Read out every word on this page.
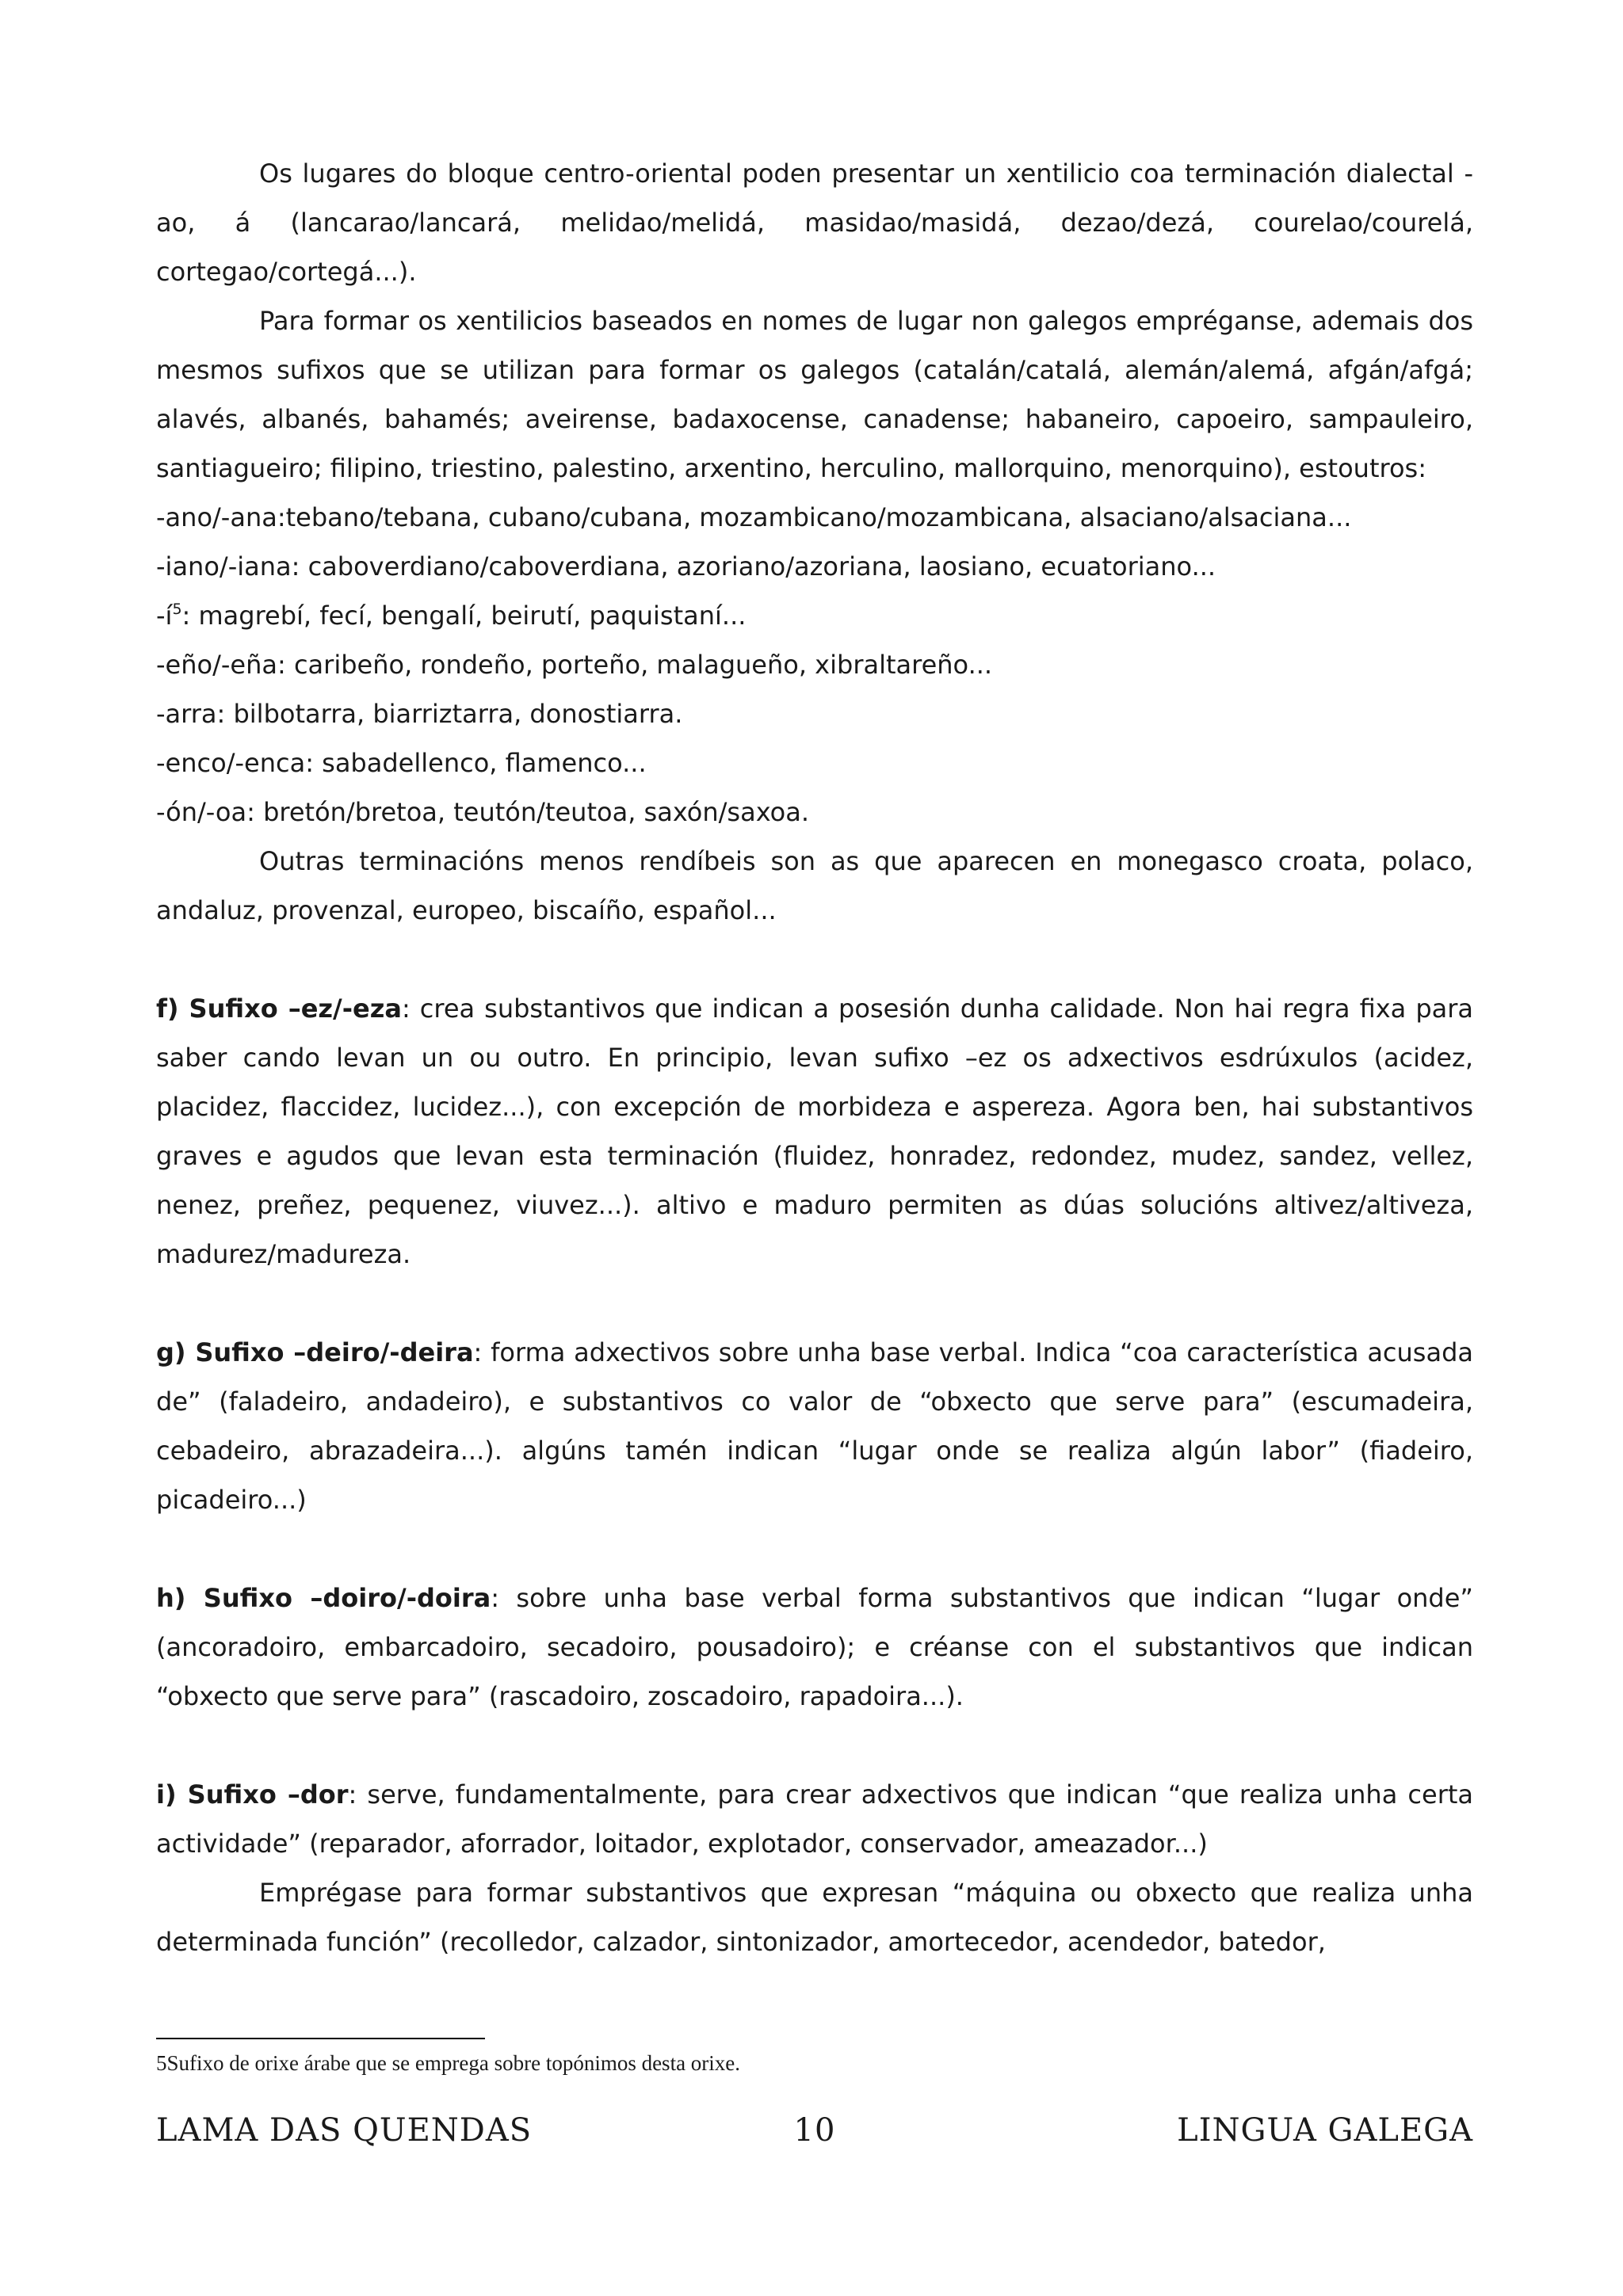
Os lugares do bloque centro-oriental poden presentar un xentilicio coa terminación dialectal -ao, á (lancarao/lancará, melidao/melidá, masidao/masidá, dezao/dezá, courelao/courelá, cortegao/cortegá...).

Para formar os xentilicios baseados en nomes de lugar non galegos empréganse, ademais dos mesmos sufixos que se utilizan para formar os galegos (catalán/catalá, alemán/alemá, afgán/afgá; alavés, albanés, bahamés; aveirense, badaxocense, canadense; habaneiro, capoeiro, sampauleiro, santiagueiro; filipino, triestino, palestino, arxentino, herculino, mallorquino, menorquino), estoutros:

-ano/-ana:tebano/tebana, cubano/cubana, mozambicano/mozambicana, alsaciano/alsaciana...

-iano/-iana: caboverdiano/caboverdiana, azoriano/azoriana, laosiano, ecuatoriano...

$-í^5$: magrebí, fecí, bengalí, beirutí, paquistaní...

-eño/-eña: caribeño, rondeño, porteño, malagueño, xibraltareño...

-arra: bilbotarra, biarriztarra, donostiarra.

-enco/-enca: sabadellenco, flamenco...

-ón/-oa: bretón/bretoa, teutón/teutoa, saxón/saxoa.

Outras terminacións menos rendíbeis son as que aparecen en monegasco croata, polaco, andaluz, provenzal, europeo, biscaíño, español...

f) Sufixo –ez/-eza: crea substantivos que indican a posesión dunha calidade. Non hai regra fixa para saber cando levan un ou outro. En principio, levan sufixo –ez os adxectivos esdrúxulos (acidez, placidez, flaccidez, lucidez...), con excepción de morbideza e aspereza. Agora ben, hai substantivos graves e agudos que levan esta terminación (fluidez, honradez, redondez, mudez, sandez, vellez, nenez, preñez, pequenez, viuvez...). altivo e maduro permiten as dúas solucións altivez/altiveza, madurez/madureza.

g) Sufixo –deiro/-deira: forma adxectivos sobre unha base verbal. Indica “coa característica acusada de” (faladeiro, andadeiro), e substantivos co valor de “obxecto que serve para” (escumadeira, cebadeiro, abrazadeira...). algúns tamén indican “lugar onde se realiza algún labor” (fiadeiro, picadeiro...)

h) Sufixo –doiro/-doira: sobre unha base verbal forma substantivos que indican “lugar onde” (ancoradoiro, embarcadoiro, secadoiro, pousadoiro); e créanse con el substantivos que indican “obxecto que serve para” (rascadoiro, zoscadoiro, rapadoira...).

i) Sufixo –dor: serve, fundamentalmente, para crear adxectivos que indican “que realiza unha certa actividade” (reparador, aforrador, loitador, explotador, conservador, ameazador...)

Emprégase para formar substantivos que expresan “máquina ou obxecto que realiza unha determinada función” (recolledor, calzador, sintonizador, amortecedor, acendedor, batedor,

5Sufixo de orixe árabe que se emprega sobre topónimos desta orixe.
LAMA DAS QUENDAS	10	LINGUA GALEGA
